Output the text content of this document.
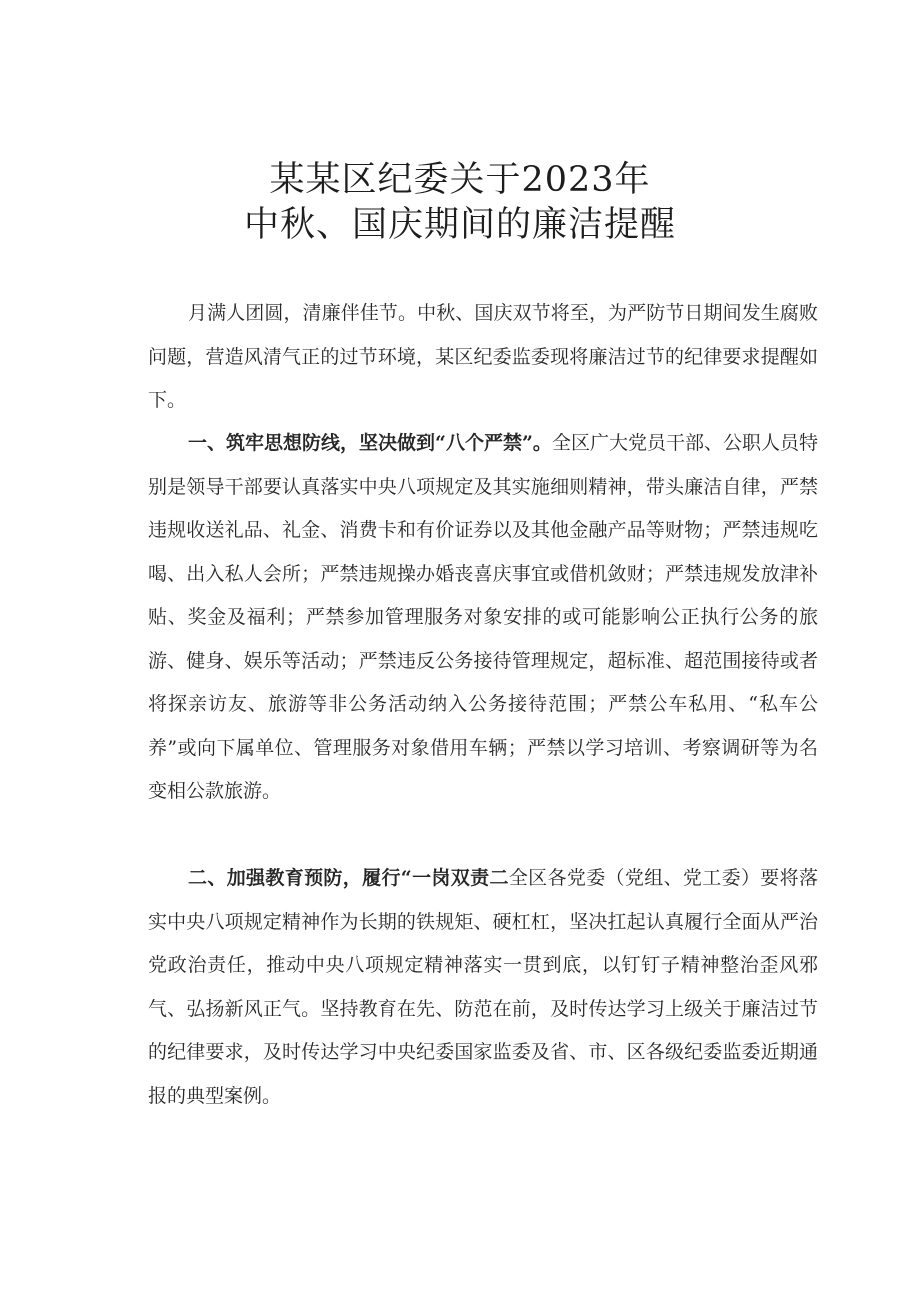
某某区纪委关于2023年
中秋、国庆期间的廉洁提醒
月满人团圆，清廉伴佳节。中秋、国庆双节将至，为严防节日期间发生腐败问题，营造风清气正的过节环境，某区纪委监委现将廉洁过节的纪律要求提醒如下。
一、筑牢思想防线，坚决做到“八个严禁”。全区广大党员干部、公职人员特别是领导干部要认真落实中央八项规定及其实施细则精神，带头廉洁自律，严禁违规收送礼品、礼金、消费卡和有价证券以及其他金融产品等财物；严禁违规吃喝、出入私人会所；严禁违规操办婚丧喜庆事宜或借机敛财；严禁违规发放津补贴、奖金及福利；严禁参加管理服务对象安排的或可能影响公正执行公务的旅游、健身、娱乐等活动；严禁违反公务接待管理规定，超标准、超范围接待或者将探亲访友、旅游等非公务活动纳入公务接待范围；严禁公车私用、“私车公养”或向下属单位、管理服务对象借用车辆；严禁以学习培训、考察调研等为名变相公款旅游。
二、加强教育预防，履行“一岗双责二全区各党委（党组、党工委）要将落实中央八项规定精神作为长期的铁规矩、硬杠杠，坚决扛起认真履行全面从严治党政治责任，推动中央八项规定精神落实一贯到底，以钉钉子精神整治歪风邪气、弘扬新风正气。坚持教育在先、防范在前，及时传达学习上级关于廉洁过节的纪律要求，及时传达学习中央纪委国家监委及省、市、区各级纪委监委近期通报的典型案例。
